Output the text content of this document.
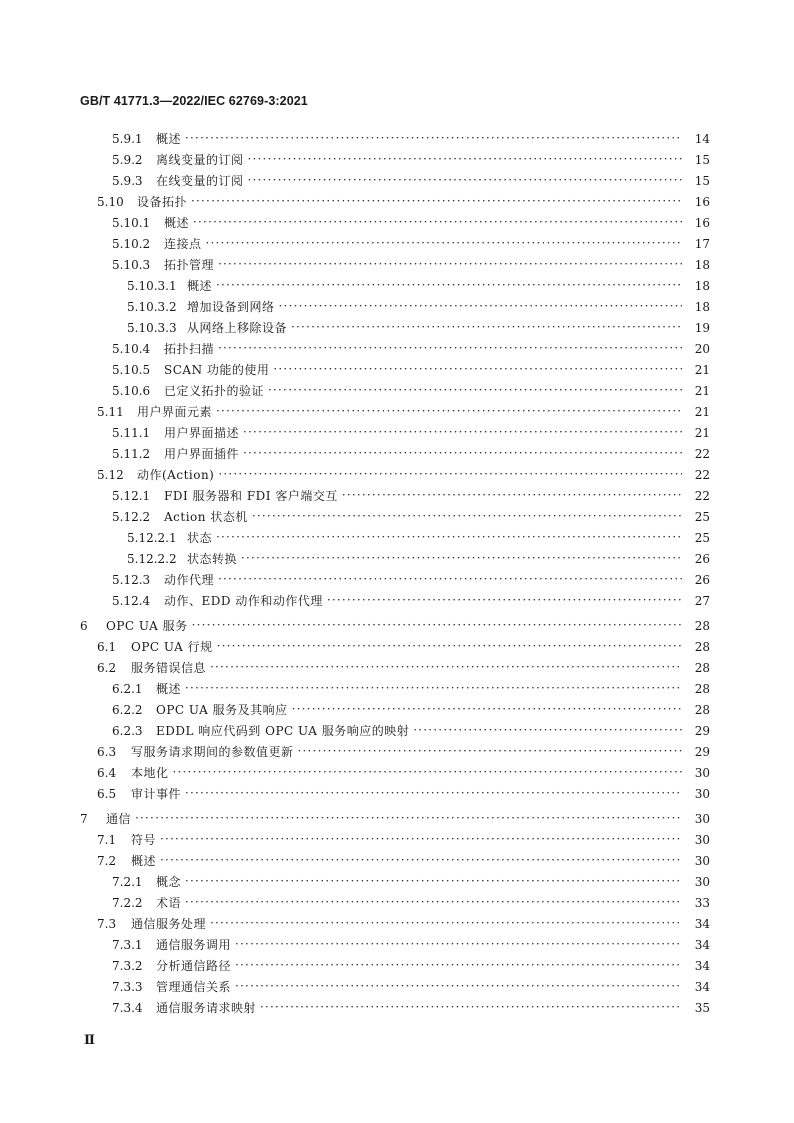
GB/T 41771.3—2022/IEC 62769-3:2021
5.9.1	概述 ·····	14
5.9.2	离线变量的订阅 ·····	15
5.9.3	在线变量的订阅 ·····	15
5.10	设备拓扑 ·····	16
5.10.1	概述 ·····	16
5.10.2	连接点 ·····	17
5.10.3	拓扑管理 ·····	18
5.10.3.1 概述 ·····	18
5.10.3.2 增加设备到网络 ·····	18
5.10.3.3 从网络上移除设备 ·····	19
5.10.4	拓扑扫描 ·····	20
5.10.5	SCAN 功能的使用 ·····	21
5.10.6	已定义拓扑的验证 ·····	21
5.11	用户界面元素 ·····	21
5.11.1	用户界面描述 ·····	21
5.11.2	用户界面插件 ·····	22
5.12	动作(Action) ·····	22
5.12.1	FDI 服务器和 FDI 客户端交互 ·····	22
5.12.2	Action 状态机 ·····	25
5.12.2.1 状态 ·····	25
5.12.2.2 状态转换 ·····	26
5.12.3	动作代理 ·····	26
5.12.4	动作、EDD 动作和动作代理 ·····	27
6	OPC UA 服务 ·····	28
6.1	OPC UA 行规 ·····	28
6.2	服务错误信息 ·····	28
6.2.1	概述 ·····	28
6.2.2	OPC UA 服务及其响应 ·····	28
6.2.3	EDDL 响应代码到 OPC UA 服务响应的映射 ·····	29
6.3	写服务请求期间的参数值更新 ·····	29
6.4	本地化 ·····	30
6.5	审计事件 ·····	30
7	通信 ·····	30
7.1	符号 ·····	30
7.2	概述 ·····	30
7.2.1	概念 ·····	30
7.2.2	术语 ·····	33
7.3	通信服务处理 ·····	34
7.3.1	通信服务调用 ·····	34
7.3.2	分析通信路径 ·····	34
7.3.3	管理通信关系 ·····	34
7.3.4	通信服务请求映射 ·····	35
Ⅱ
